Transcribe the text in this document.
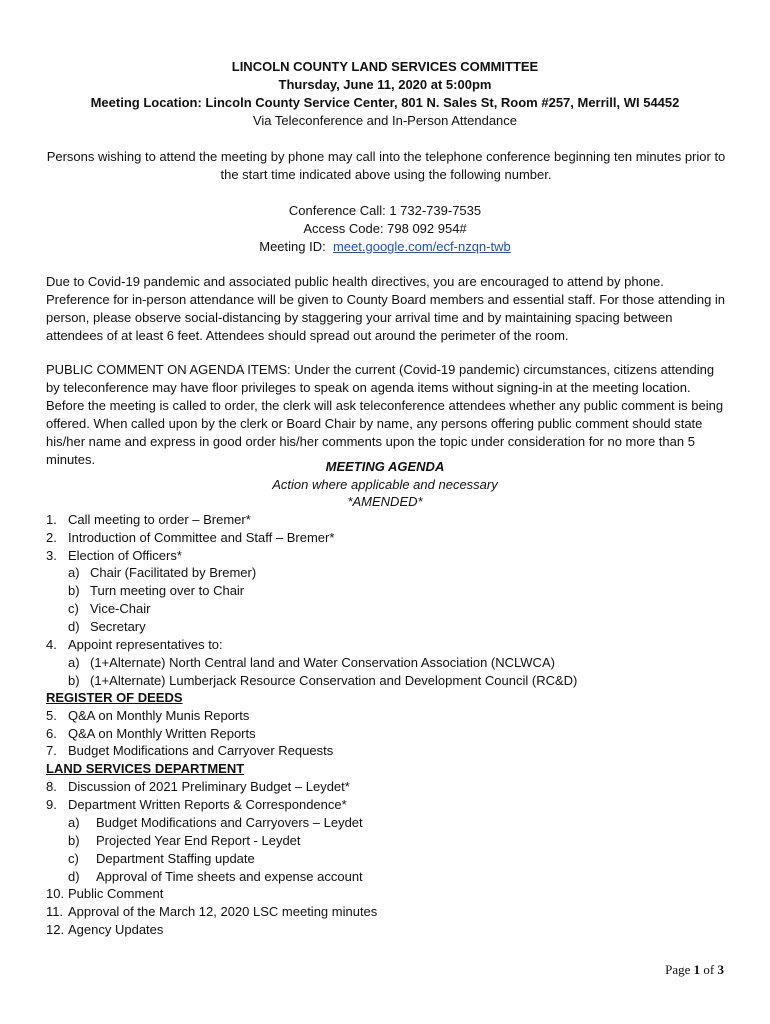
LINCOLN COUNTY LAND SERVICES COMMITTEE
Thursday, June 11, 2020 at 5:00pm
Meeting Location: Lincoln County Service Center, 801 N. Sales St, Room #257, Merrill, WI 54452
Via Teleconference and In-Person Attendance
Persons wishing to attend the meeting by phone may call into the telephone conference beginning ten minutes prior to the start time indicated above using the following number.
Conference Call: 1 732-739-7535
Access Code: 798 092 954#
Meeting ID: meet.google.com/ecf-nzqn-twb
Due to Covid-19 pandemic and associated public health directives, you are encouraged to attend by phone. Preference for in-person attendance will be given to County Board members and essential staff. For those attending in person, please observe social-distancing by staggering your arrival time and by maintaining spacing between attendees of at least 6 feet. Attendees should spread out around the perimeter of the room.
PUBLIC COMMENT ON AGENDA ITEMS: Under the current (Covid-19 pandemic) circumstances, citizens attending by teleconference may have floor privileges to speak on agenda items without signing-in at the meeting location. Before the meeting is called to order, the clerk will ask teleconference attendees whether any public comment is being offered. When called upon by the clerk or Board Chair by name, any persons offering public comment should state his/her name and express in good order his/her comments upon the topic under consideration for no more than 5 minutes.	MEETING AGENDA
Action where applicable and necessary
*AMENDED*
1. Call meeting to order – Bremer*
2. Introduction of Committee and Staff – Bremer*
3. Election of Officers*
a) Chair (Facilitated by Bremer)
b) Turn meeting over to Chair
c) Vice-Chair
d) Secretary
4. Appoint representatives to:
a) (1+Alternate) North Central land and Water Conservation Association (NCLWCA)
b) (1+Alternate) Lumberjack Resource Conservation and Development Council (RC&D)
REGISTER OF DEEDS
5. Q&A on Monthly Munis Reports
6. Q&A on Monthly Written Reports
7. Budget Modifications and Carryover Requests
LAND SERVICES DEPARTMENT
8. Discussion of 2021 Preliminary Budget – Leydet*
9. Department Written Reports & Correspondence*
a) Budget Modifications and Carryovers – Leydet
b) Projected Year End Report - Leydet
c) Department Staffing update
d) Approval of Time sheets and expense account
10. Public Comment
11. Approval of the March 12, 2020 LSC meeting minutes
12. Agency Updates
Page 1 of 3
